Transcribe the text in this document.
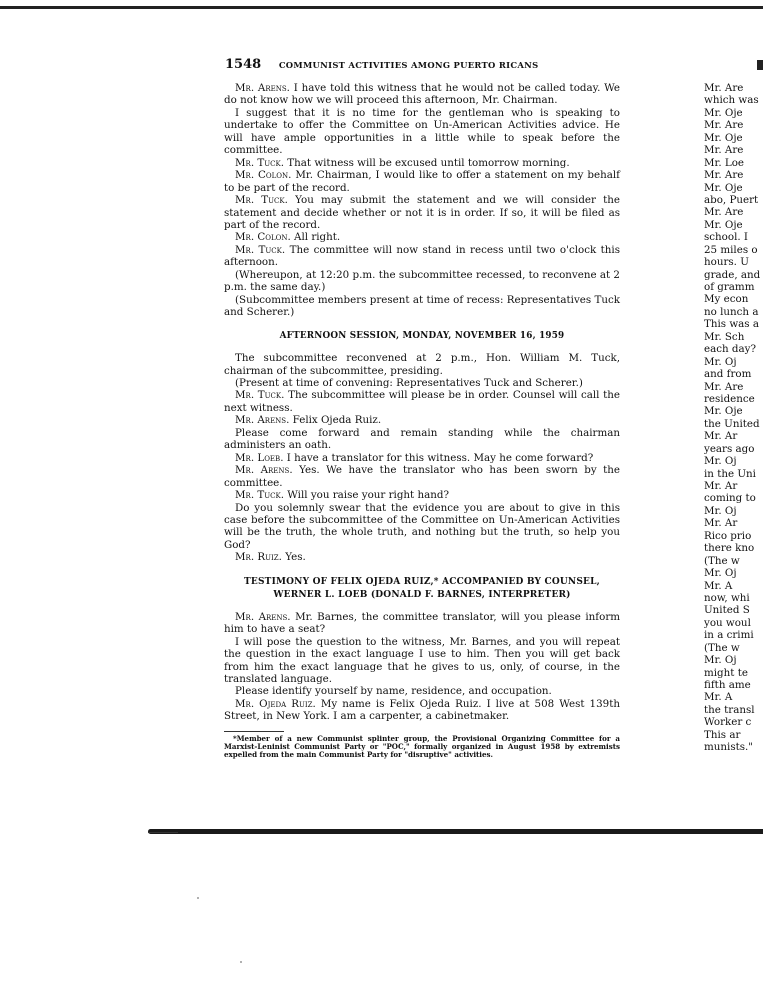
1548 COMMUNIST ACTIVITIES AMONG PUERTO RICANS

Mr. Arens. I have told this witness that he would not be called today. We do not know how we will proceed this afternoon, Mr. Chairman.

I suggest that it is no time for the gentleman who is speaking to undertake to offer the Committee on Un-American Activities advice. He will have ample opportunities in a little while to speak before the committee.

Mr. Tuck. That witness will be excused until tomorrow morning.

Mr. Colon. Mr. Chairman, I would like to offer a statement on my behalf to be part of the record.

Mr. Tuck. You may submit the statement and we will consider the statement and decide whether or not it is in order. If so, it will be filed as part of the record.

Mr. Colon. All right.

Mr. Tuck. The committee will now stand in recess until two o'clock this afternoon.

(Whereupon, at 12:20 p.m. the subcommittee recessed, to reconvene at 2 p.m. the same day.)

(Subcommittee members present at time of recess: Representatives Tuck and Scherer.)

AFTERNOON SESSION, MONDAY, NOVEMBER 16, 1959

The subcommittee reconvened at 2 p.m., Hon. William M. Tuck, chairman of the subcommittee, presiding.

(Present at time of convening: Representatives Tuck and Scherer.)

Mr. Tuck. The subcommittee will please be in order. Counsel will call the next witness.

Mr. Arens. Felix Ojeda Ruiz.

Please come forward and remain standing while the chairman administers an oath.

Mr. Loeb. I have a translator for this witness. May he come forward?

Mr. Arens. Yes. We have the translator who has been sworn by the committee.

Mr. Tuck. Will you raise your right hand?

Do you solemnly swear that the evidence you are about to give in this case before the subcommittee of the Committee on Un-American Activities will be the truth, the whole truth, and nothing but the truth, so help you God?

Mr. Ruiz. Yes.

TESTIMONY OF FELIX OJEDA RUIZ,* ACCOMPANIED BY COUNSEL,
WERNER L. LOEB (DONALD F. BARNES, INTERPRETER)

Mr. Arens. Mr. Barnes, the committee translator, will you please inform him to have a seat?

I will pose the question to the witness, Mr. Barnes, and you will repeat the question in the exact language I use to him. Then you will get back from him the exact language that he gives to us, only, of course, in the translated language.

Please identify yourself by name, residence, and occupation.

Mr. Ojeda Ruiz. My name is Felix Ojeda Ruiz. I live at 508 West 139th Street, in New York. I am a carpenter, a cabinetmaker.

*Member of a new Communist splinter group, the Provisional Organizing Committee for a Marxist-Leninist Communist Party or "POC," formally organized in August 1958 by extremists expelled from the main Communist Party for "disruptive" activities.

Mr. Are
which was
Mr. Oje
Mr. Are
Mr. Oje
Mr. Are
Mr. Loe
Mr. Are
Mr. Oje
abo, Puert
Mr. Are
Mr. Oje
school. I
25 miles o
hours. U
grade, and
of gramm
My econ
no lunch a
This was a
Mr. Sch
each day?
Mr. Oj
and from
Mr. Are
residence
Mr. Oje
the United
Mr. Ar
years ago
Mr. Oj
in the Uni
Mr. Ar
coming to
Mr. Oj
Mr. Ar
Rico prio
there kno
(The w
Mr. Oj
Mr. A
now, whi
United S
you woul
in a crimi
(The w
Mr. Oj
might te
fifth ame
Mr. A
the transl
Worker c
This ar
munists."
